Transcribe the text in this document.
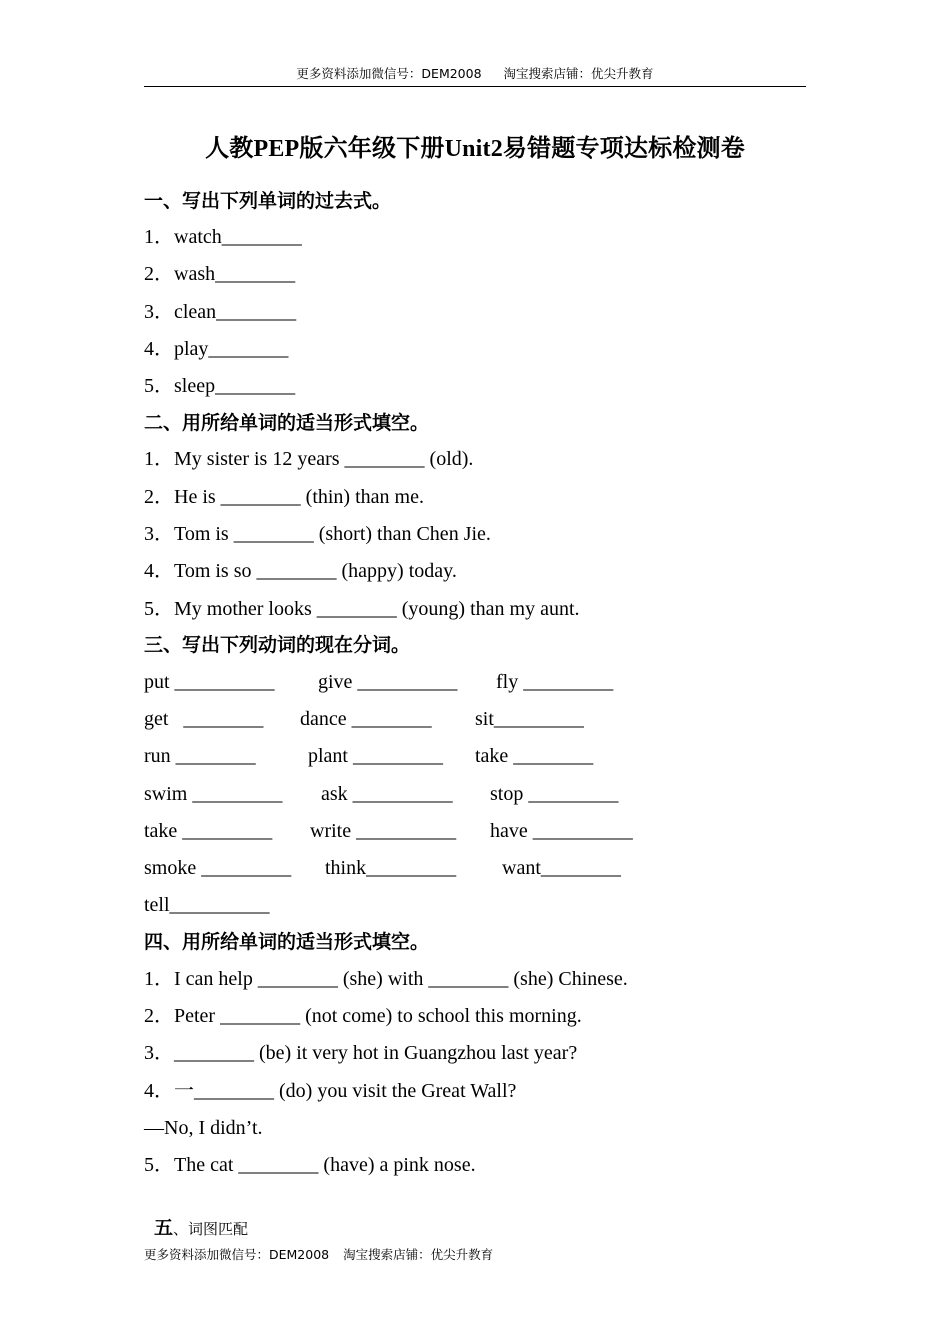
更多资料添加微信号：DEM2008 淘宝搜索店铺：优尖升教育
人教PEP版六年级下册Unit2易错题专项达标检测卷
一、写出下列单词的过去式。
1．watch________
2．wash________
3．clean________
4．play________
5．sleep________
二、用所给单词的适当形式填空。
1．My sister is 12 years ________ (old).
2．He is ________ (thin) than me.
3．Tom is ________ (short) than Chen Jie.
4．Tom is so ________ (happy) today.
5．My mother looks ________ (young) than my aunt.
三、写出下列动词的现在分词。
put __________ give __________ fly _________
get   ________ dance ________ sit_________
run ________	plant _________ take ________
swim _________ ask __________ stop _________
take _________ write __________ have __________
smoke _________ think_________ want________
tell__________
四、用所给单词的适当形式填空。
1．I can help ________ (she) with ________ (she) Chinese.
2．Peter ________ (not come) to school this morning.
3．________ (be) it very hot in Guangzhou last year?
4．一________ (do) you visit the Great Wall?
—No, I didn’t.
5．The cat ________ (have) a pink nose.

五、词图匹配

更多资料添加微信号：DEM2008 淘宝搜索店铺：优尖升教育
